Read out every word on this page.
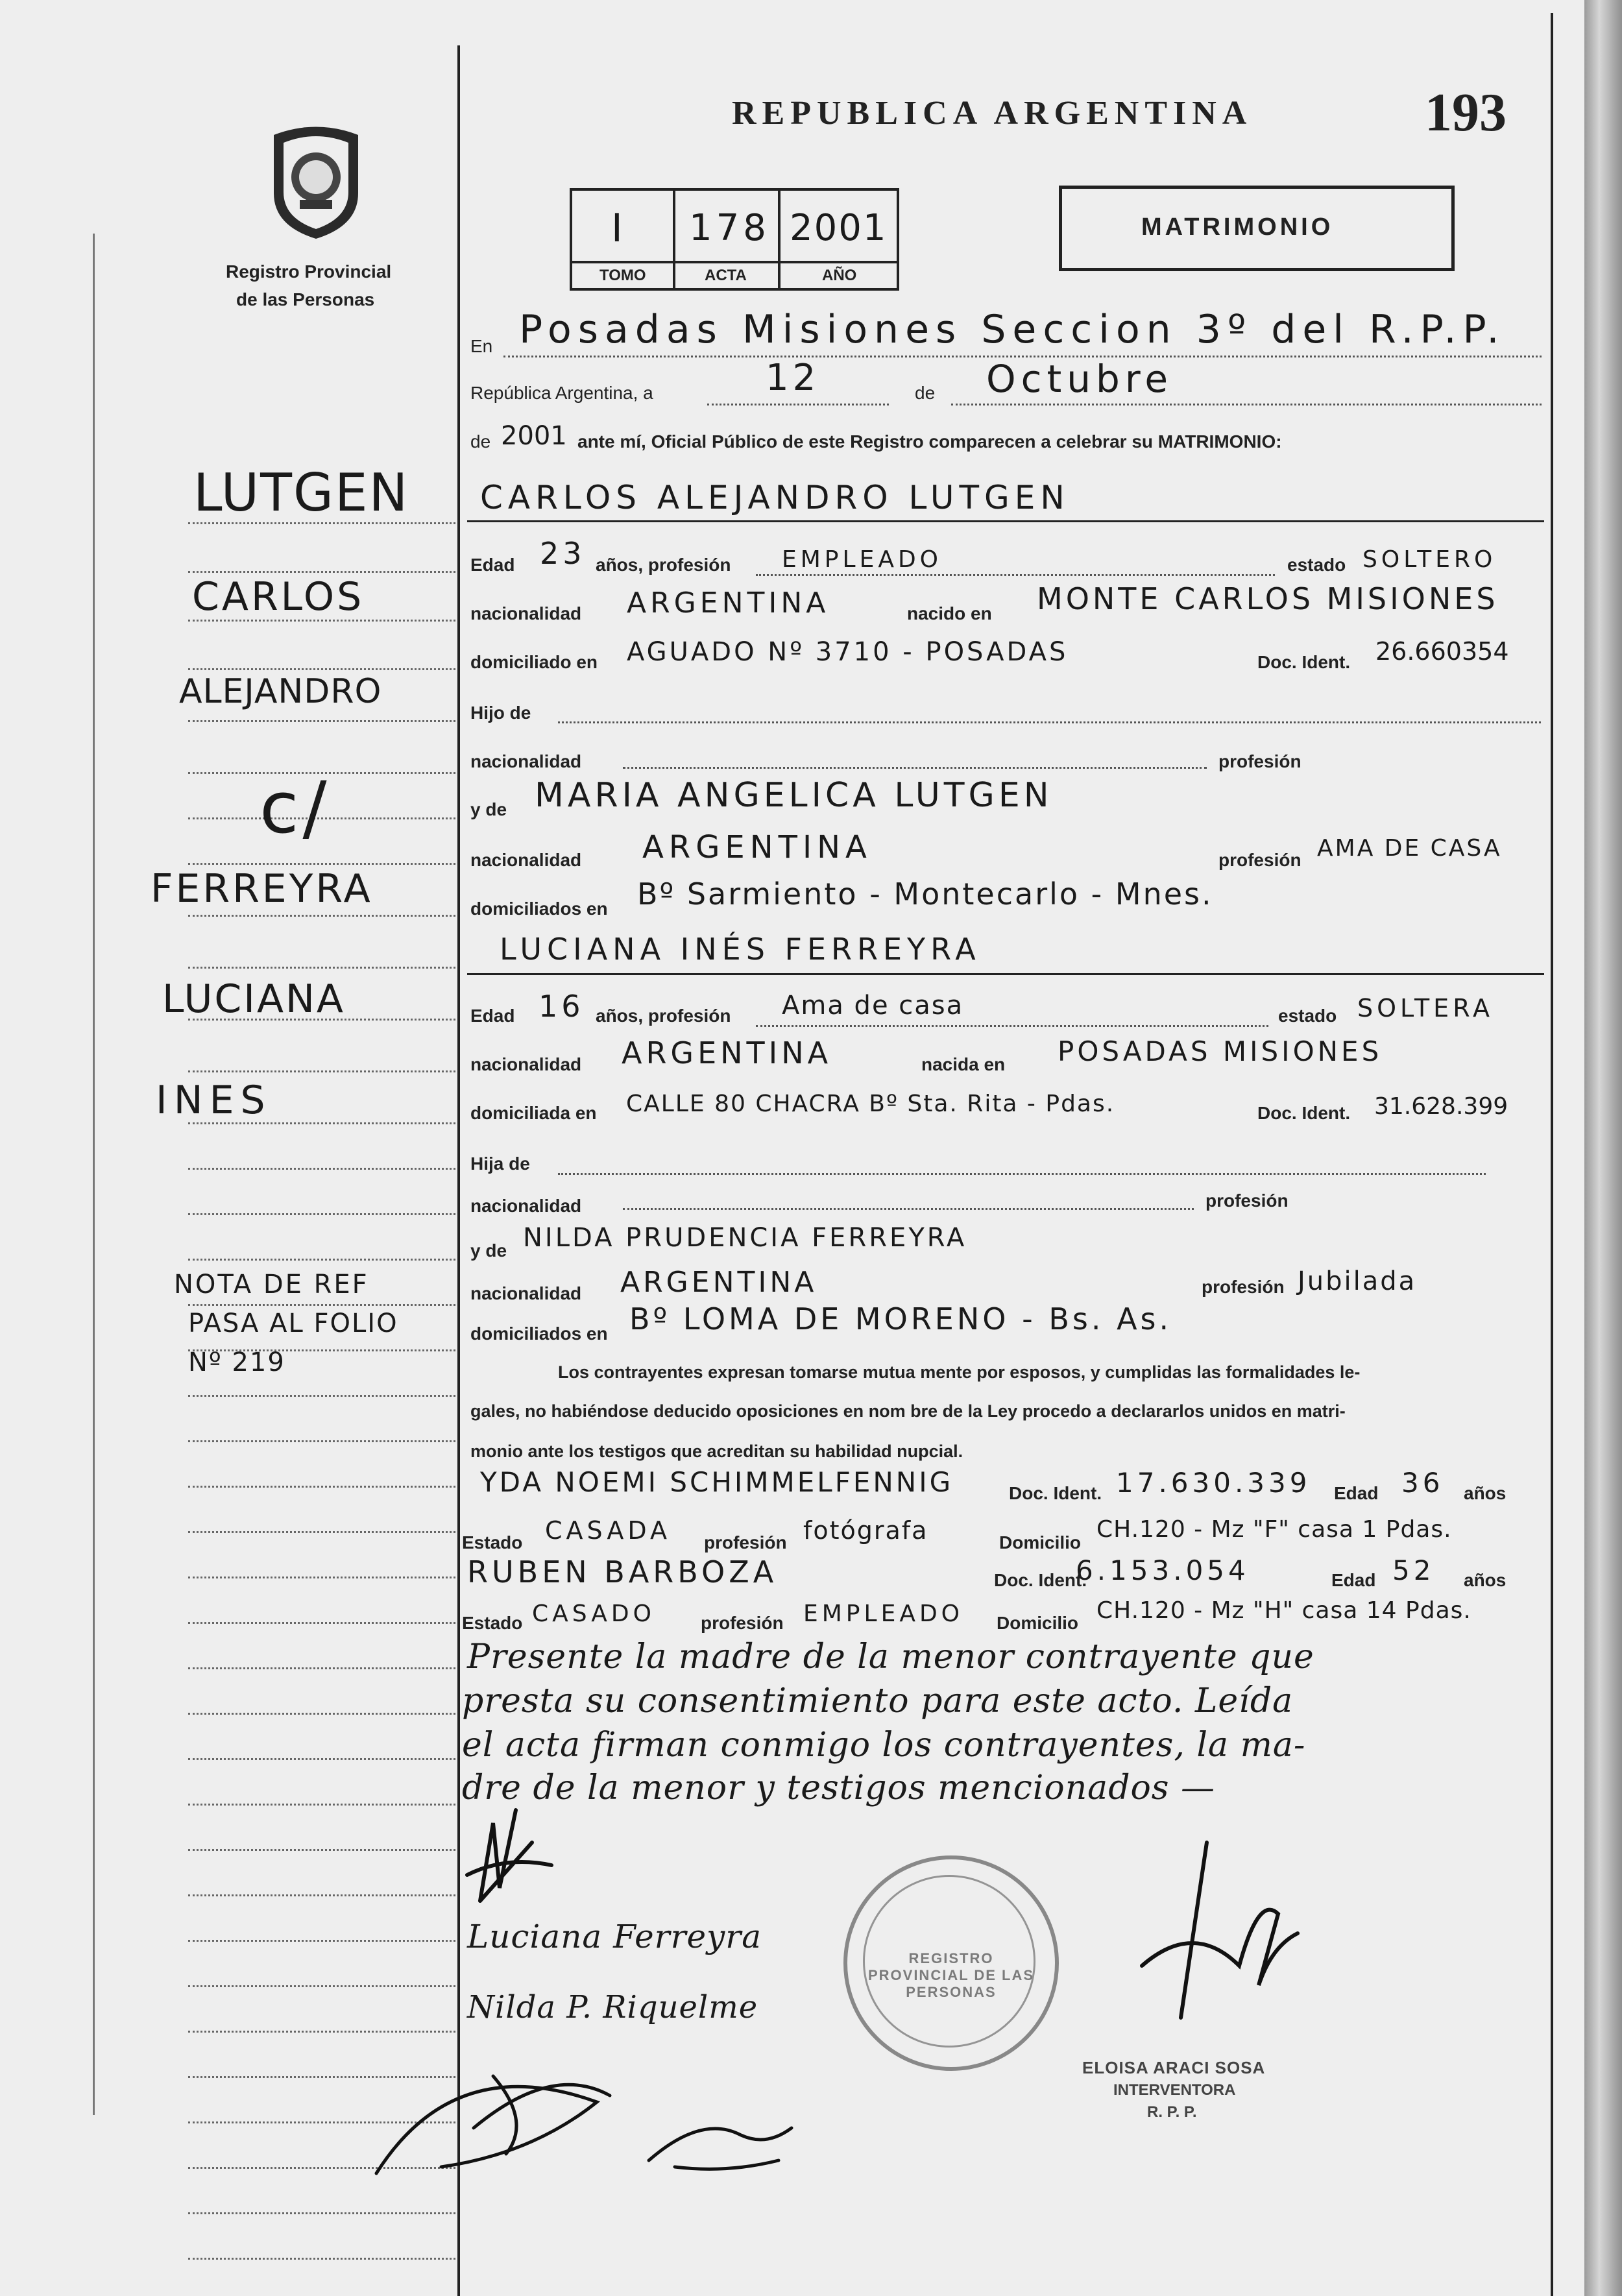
REPUBLICA ARGENTINA	193
Registro Provincial
de las Personas
I 178 2001
TOMO	ACTA	AÑO
MATRIMONIO
En Posadas Misiones Seccion 3º del R.P.P.
República Argentina, a	12	de Octubre
de 2001 ante mí, Oficial Público de este Registro comparecen a celebrar su MATRIMONIO:
CARLOS ALEJANDRO LUTGEN
Edad 23 años, profesión EMPLEADO	estado SOLTERO
nacionalidad ARGENTINA	nacido en MONTE CARLOS MISIONES
domiciliado en AGUADO Nº 3710 - POSADAS	Doc. Ident. 26.660354
Hijo de
nacionalidad	profesión
y de MARIA ANGELICA LUTGEN
nacionalidad ARGENTINA	profesión AMA DE CASA
domiciliados en Bº Sarmiento - Montecarlo - Mnes.
LUCIANA INÉS FERREYRA
Edad 16 años, profesión Ama de casa	estado SOLTERA
nacionalidad ARGENTINA	nacida en POSADAS MISIONES
domiciliada en CALLE 80 CHACRA Bº Sta. Rita - Pdas.	Doc. Ident. 31.628.399
Hija de
nacionalidad	profesión
y de NILDA PRUDENCIA FERREYRA
nacionalidad ARGENTINA	profesión Jubilada
domiciliados en Bº LOMA DE MORENO - Bs. As.
Los contrayentes expresan tomarse mutua mente por esposos, y cumplidas las formalidades le-
gales, no habiéndose deducido oposiciones en nom bre de la Ley procedo a declararlos unidos en matri-
monio ante los testigos que acreditan su habilidad nupcial.
YDA NOEMI SCHIMMELFENNIG	Doc. Ident. 17.630.339 Edad 36 años
Estado CASADA profesión fotógrafa	Domicilio CH.120 - Mz "F" casa 1 Pdas.
RUBEN BARBOZA	Doc. Ident.
6.153.054	Edad 52 años
Estado CASADO	profesión EMPLEADO Domicilio CH.120 - Mz "H" casa 14 Pdas.
Presente la madre de la menor contrayente que
presta su consentimiento para este acto. Leída
el acta firman conmigo los contrayentes, la ma-
dre de la menor y testigos mencionados —
LUTGEN
CARLOS
ALEJANDRO
c/
FERREYRA
LUCIANA
INES
NOTA DE REF
PASA AL FOLIO
Nº 219
Luciana Ferreyra
Nilda P. Riquelme
REGISTRO PROVINCIAL DE LAS PERSONAS
ELOISA ARACI SOSA
INTERVENTORA
R. P. P.
